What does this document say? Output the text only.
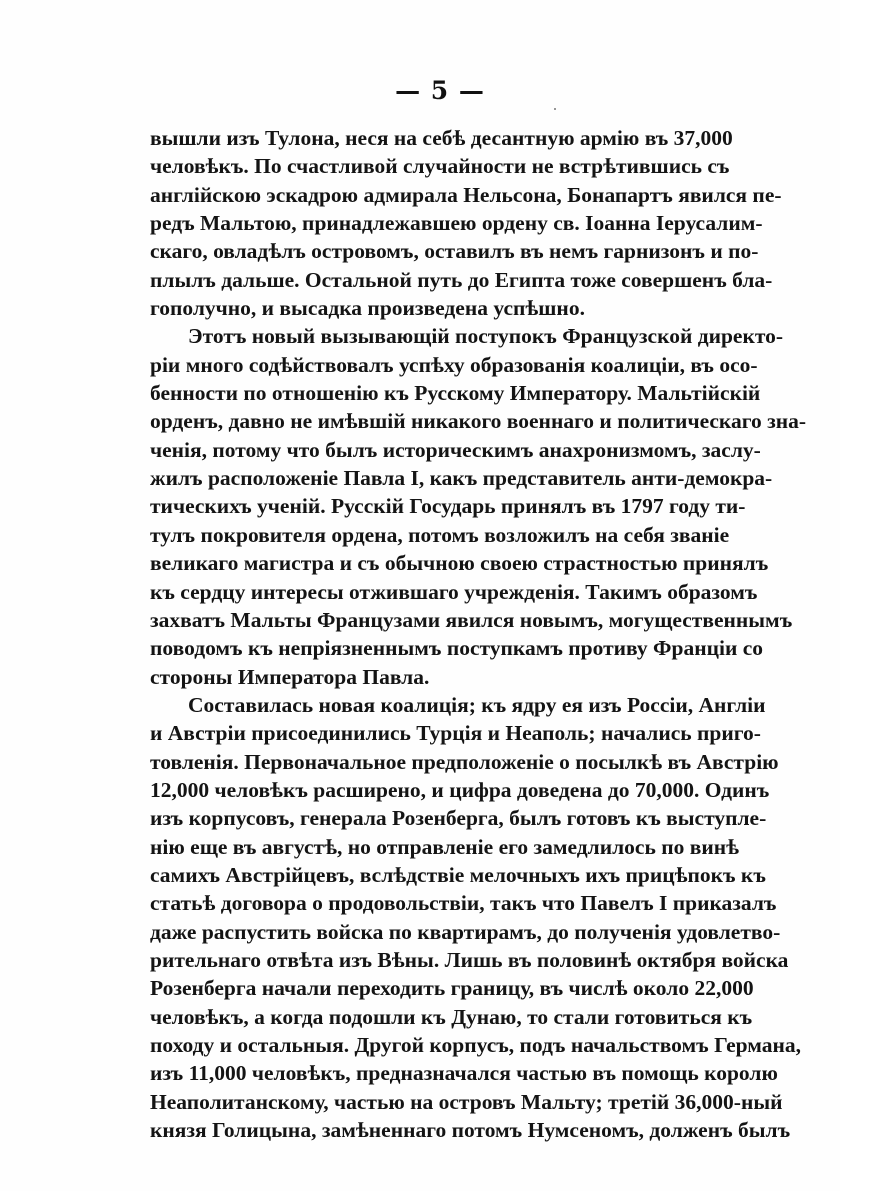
— 5 —
вышли изъ Тулона, неся на себѣ десантную армію въ 37,000
человѣкъ. По счастливой случайности не встрѣтившись съ
англійскою эскадрою адмирала Нельсона, Бонапартъ явился пе-
редъ Мальтою, принадлежавшею ордену св. Іоанна Іерусалим-
скаго, овладѣлъ островомъ, оставилъ въ немъ гарнизонъ и по-
плылъ дальше. Остальной путь до Египта тоже совершенъ бла-
гополучно, и высадка произведена успѣшно.
Этотъ новый вызывающій поступокъ Французской директо-
ріи много содѣйствовалъ успѣху образованія коалиціи, въ осо-
бенности по отношенію къ Русскому Императору. Мальтійскій
орденъ, давно не имѣвшій никакого военнаго и политическаго зна-
ченія, потому что былъ историческимъ анахронизмомъ, заслу-
жилъ расположеніе Павла I, какъ представитель анти-демокра-
тическихъ ученій. Русскій Государь принялъ въ 1797 году ти-
тулъ покровителя ордена, потомъ возложилъ на себя званіе
великаго магистра и съ обычною своею страстностью принялъ
къ сердцу интересы отжившаго учрежденія. Такимъ образомъ
захватъ Мальты Французами явился новымъ, могущественнымъ
поводомъ къ непріязненнымъ поступкамъ противу Франціи со
стороны Императора Павла.
Составилась новая коалиція; къ ядру ея изъ Россіи, Англіи
и Австріи присоединились Турція и Неаполь; начались приго-
товленія. Первоначальное предположеніе о посылкѣ въ Австрію
12,000 человѣкъ расширено, и цифра доведена до 70,000. Одинъ
изъ корпусовъ, генерала Розенберга, былъ готовъ къ выступле-
нію еще въ августѣ, но отправленіе его замедлилось по винѣ
самихъ Австрійцевъ, вслѣдствіе мелочныхъ ихъ прицѣпокъ къ
статьѣ договора о продовольствіи, такъ что Павелъ I приказалъ
даже распустить войска по квартирамъ, до полученія удовлетво-
рительнаго отвѣта изъ Вѣны. Лишь въ половинѣ октября войска
Розенберга начали переходить границу, въ числѣ около 22,000
человѣкъ, а когда подошли къ Дунаю, то стали готовиться къ
походу и остальныя. Другой корпусъ, подъ начальствомъ Германа,
изъ 11,000 человѣкъ, предназначался частью въ помощь королю
Неаполитанскому, частью на островъ Мальту; третій 36,000-ный
князя Голицына, замѣненнаго потомъ Нумсеномъ, долженъ былъ
